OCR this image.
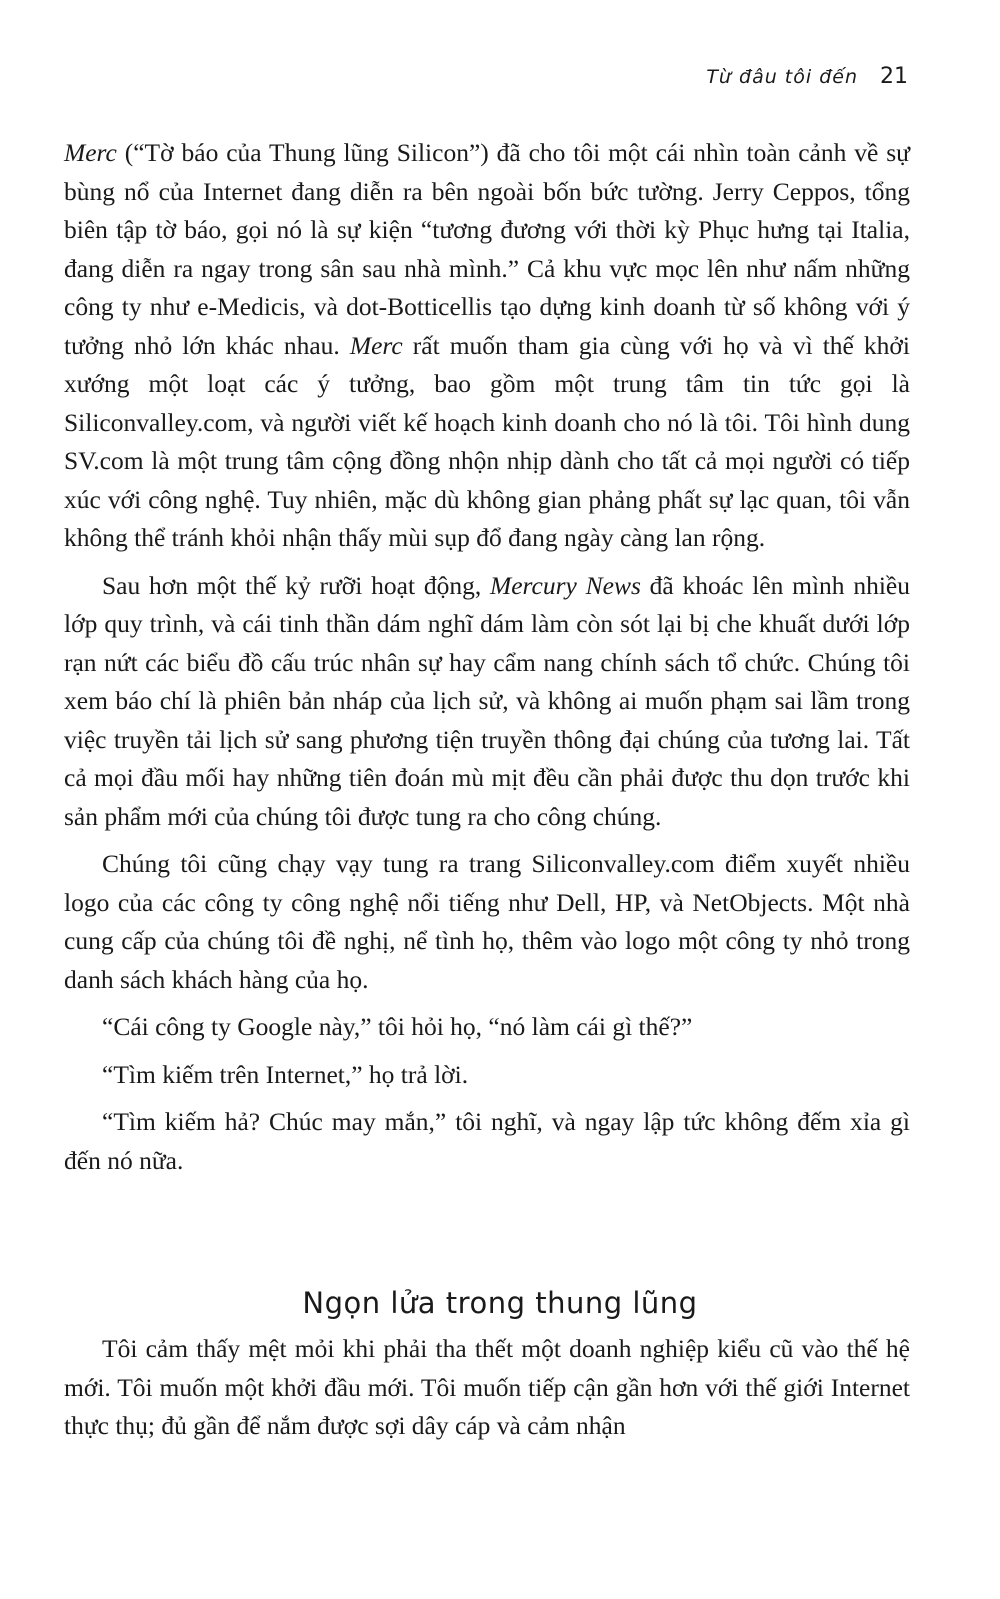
Từ đâu tôi đến 21

Merc (“Tờ báo của Thung lũng Silicon”) đã cho tôi một cái nhìn toàn cảnh về sự bùng nổ của Internet đang diễn ra bên ngoài bốn bức tường. Jerry Ceppos, tổng biên tập tờ báo, gọi nó là sự kiện “tương đương với thời kỳ Phục hưng tại Italia, đang diễn ra ngay trong sân sau nhà mình.” Cả khu vực mọc lên như nấm những công ty như e-Medicis, và dot-Botticellis tạo dựng kinh doanh từ số không với ý tưởng nhỏ lớn khác nhau. Merc rất muốn tham gia cùng với họ và vì thế khởi xướng một loạt các ý tưởng, bao gồm một trung tâm tin tức gọi là Siliconvalley.com, và người viết kế hoạch kinh doanh cho nó là tôi. Tôi hình dung SV.com là một trung tâm cộng đồng nhộn nhịp dành cho tất cả mọi người có tiếp xúc với công nghệ. Tuy nhiên, mặc dù không gian phảng phất sự lạc quan, tôi vẫn không thể tránh khỏi nhận thấy mùi sụp đổ đang ngày càng lan rộng.

Sau hơn một thế kỷ rưỡi hoạt động, Mercury News đã khoác lên mình nhiều lớp quy trình, và cái tinh thần dám nghĩ dám làm còn sót lại bị che khuất dưới lớp rạn nứt các biểu đồ cấu trúc nhân sự hay cẩm nang chính sách tổ chức. Chúng tôi xem báo chí là phiên bản nháp của lịch sử, và không ai muốn phạm sai lầm trong việc truyền tải lịch sử sang phương tiện truyền thông đại chúng của tương lai. Tất cả mọi đầu mối hay những tiên đoán mù mịt đều cần phải được thu dọn trước khi sản phẩm mới của chúng tôi được tung ra cho công chúng.

Chúng tôi cũng chạy vạy tung ra trang Siliconvalley.com điểm xuyết nhiều logo của các công ty công nghệ nổi tiếng như Dell, HP, và NetObjects. Một nhà cung cấp của chúng tôi đề nghị, nể tình họ, thêm vào logo một công ty nhỏ trong danh sách khách hàng của họ.

“Cái công ty Google này,” tôi hỏi họ, “nó làm cái gì thế?”

“Tìm kiếm trên Internet,” họ trả lời.

“Tìm kiếm hả? Chúc may mắn,” tôi nghĩ, và ngay lập tức không đếm xỉa gì đến nó nữa.

Ngọn lửa trong thung lũng

Tôi cảm thấy mệt mỏi khi phải tha thết một doanh nghiệp kiểu cũ vào thế hệ mới. Tôi muốn một khởi đầu mới. Tôi muốn tiếp cận gần hơn với thế giới Internet thực thụ; đủ gần để nắm được sợi dây cáp và cảm nhận
